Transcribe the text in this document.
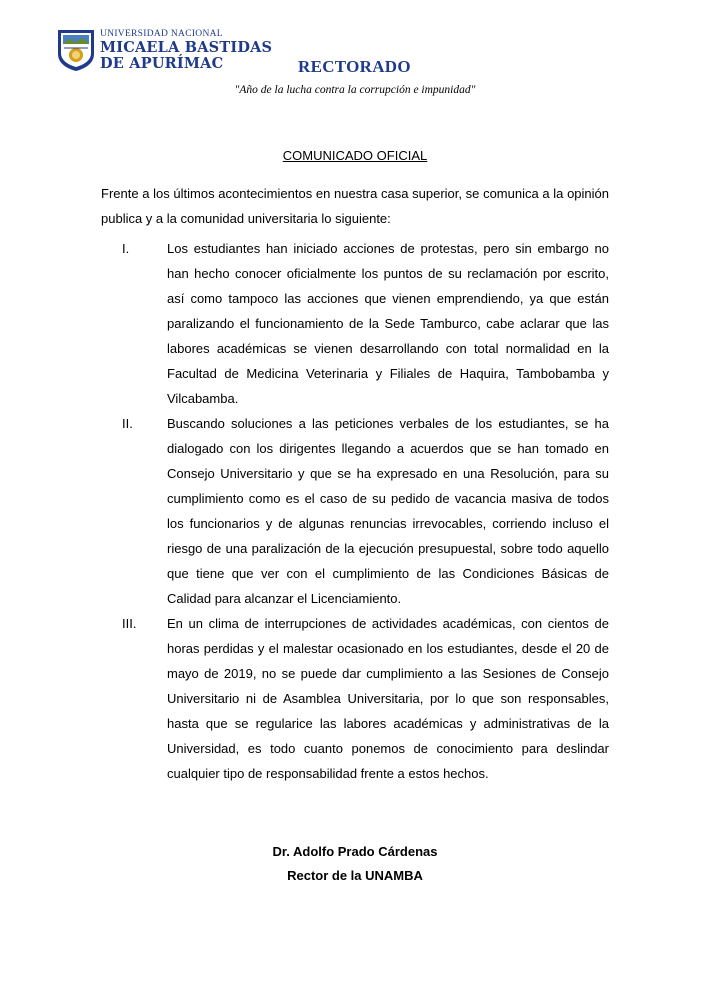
UNIVERSIDAD NACIONAL
MICAELA BASTIDAS
DE APURÍMAC	RECTORADO
"Año de la lucha contra la corrupción e impunidad"
COMUNICADO OFICIAL
Frente a los últimos acontecimientos en nuestra casa superior, se comunica a la opinión publica y a la comunidad universitaria lo siguiente:
I.	Los estudiantes han iniciado acciones de protestas, pero sin embargo no han hecho conocer oficialmente los puntos de su reclamación por escrito, así como tampoco las acciones que vienen emprendiendo, ya que están paralizando el funcionamiento de la Sede Tamburco, cabe aclarar que las labores académicas se vienen desarrollando con total normalidad en la Facultad de Medicina Veterinaria y Filiales de Haquira, Tambobamba y Vilcabamba.
II.	Buscando soluciones a las peticiones verbales de los estudiantes, se ha dialogado con los dirigentes llegando a acuerdos que se han tomado en Consejo Universitario y que se ha expresado en una Resolución, para su cumplimiento como es el caso de su pedido de vacancia masiva de todos los funcionarios y de algunas renuncias irrevocables, corriendo incluso el riesgo de una paralización de la ejecución presupuestal, sobre todo aquello que tiene que ver con el cumplimiento de las Condiciones Básicas de Calidad para alcanzar el Licenciamiento.
III. En un clima de interrupciones de actividades académicas, con cientos de horas perdidas y el malestar ocasionado en los estudiantes, desde el 20 de mayo de 2019, no se puede dar cumplimiento a las Sesiones de Consejo Universitario ni de Asamblea Universitaria, por lo que son responsables, hasta que se regularice las labores académicas y administrativas de la Universidad, es todo cuanto ponemos de conocimiento para deslindar cualquier tipo de responsabilidad frente a estos hechos.
Dr. Adolfo Prado Cárdenas
Rector de la UNAMBA
